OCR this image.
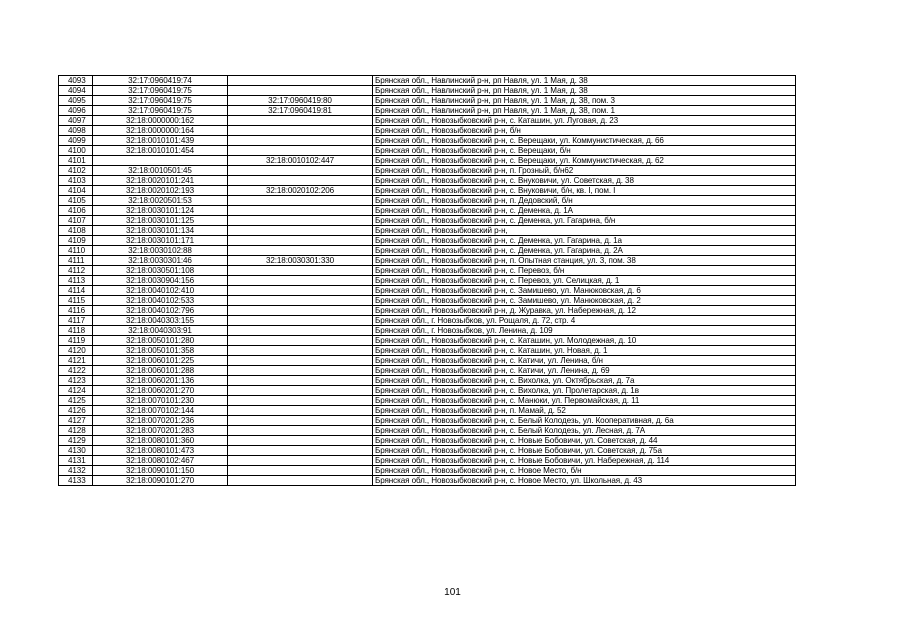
4093	32:17:0960419:74		Брянская обл., Навлинский р-н, рп Навля, ул. 1 Мая, д. 38
4094	32:17:0960419:75		Брянская обл., Навлинский р-н, рп Навля, ул. 1 Мая, д. 38
4095	32:17:0960419:75	32:17:0960419:80	Брянская обл., Навлинский р-н, рп Навля, ул. 1 Мая, д. 38, пом. 3
4096	32:17:0960419:75	32:17:0960419:81	Брянская обл., Навлинский р-н, рп Навля, ул. 1 Мая, д. 38, пом. 1
4097	32:18:0000000:162		Брянская обл., Новозыбковский р-н, с. Каташин, ул. Луговая, д. 23
4098	32:18:0000000:164		Брянская обл., Новозыбковский р-н, б/н
4099	32:18:0010101:439		Брянская обл., Новозыбковский р-н, с. Верещаки, ул. Коммунистическая, д. 66
4100	32:18:0010101:454		Брянская обл., Новозыбковский р-н, с. Верещаки, б/н
4101		32:18:0010102:447	Брянская обл., Новозыбковский р-н, с. Верещаки, ул. Коммунистическая, д. 62
4102	32:18:0010501:45		Брянская обл., Новозыбковский р-н, п. Грозный, б/н62
4103	32:18:0020101:241		Брянская обл., Новозыбковский р-н, с. Внуковичи, ул. Советская, д. 38
4104	32:18:0020102:193	32:18:0020102:206	Брянская обл., Новозыбковский р-н, с. Внуковичи, б/н, кв. I, пом. I
4105	32:18:0020501:53		Брянская обл., Новозыбковский р-н, п. Дедовский, б/н
4106	32:18:0030101:124		Брянская обл., Новозыбковский р-н, с. Деменка, д. 1А
4107	32:18:0030101:125		Брянская обл., Новозыбковский р-н, с. Деменка, ул. Гагарина, б/н
4108	32:18:0030101:134		Брянская обл., Новозыбковский р-н,
4109	32:18:0030101:171		Брянская обл., Новозыбковский р-н, с. Деменка, ул. Гагарина, д. 1а
4110	32:18:0030102:88		Брянская обл., Новозыбковский р-н, с. Деменка, ул. Гагарина, д. 2А
4111	32:18:0030301:46	32:18:0030301:330	Брянская обл., Новозыбковский р-н, п. Опытная станция, ул. 3, пом. 38
4112	32:18:0030501:108		Брянская обл., Новозыбковский р-н, с. Перевоз, б/н
4113	32:18:0030904:156		Брянская обл., Новозыбковский р-н, с. Перевоз, ул. Селицкая, д. 1
4114	32:18:0040102:410		Брянская обл., Новозыбковский р-н, с. Замишево, ул. Манюковская, д. 6
4115	32:18:0040102:533		Брянская обл., Новозыбковский р-н, с. Замишево, ул. Манюковская, д. 2
4116	32:18:0040102:796		Брянская обл., Новозыбковский р-н, д. Журавка, ул. Набережная, д. 12
4117	32:18:0040303:155		Брянская обл., г. Новозыбков, ул. Рощаля, д. 72, стр. 4
4118	32:18:0040303:91		Брянская обл., г. Новозыбков, ул. Ленина, д. 109
4119	32:18:0050101:280		Брянская обл., Новозыбковский р-н, с. Каташин, ул. Молодежная, д. 10
4120	32:18:0050101:358		Брянская обл., Новозыбковский р-н, с. Каташин, ул. Новая, д. 1
4121	32:18:0060101:225		Брянская обл., Новозыбковский р-н, с. Катичи, ул. Ленина, б/н
4122	32:18:0060101:288		Брянская обл., Новозыбковский р-н, с. Катичи, ул. Ленина, д. 69
4123	32:18:0060201:136		Брянская обл., Новозыбковский р-н, с. Вихолка, ул. Октябрьская, д. 7а
4124	32:18:0060201:270		Брянская обл., Новозыбковский р-н, с. Вихолка, ул. Пролетарская, д. 1в
4125	32:18:0070101:230		Брянская обл., Новозыбковский р-н, с. Манюки, ул. Первомайская, д. 11
4126	32:18:0070102:144		Брянская обл., Новозыбковский р-н, п. Мамай, д. 52
4127	32:18:0070201:236		Брянская обл., Новозыбковский р-н, с. Белый Колодезь, ул. Кооперативная, д. 6а
4128	32:18:0070201:283		Брянская обл., Новозыбковский р-н, с. Белый Колодезь, ул. Лесная, д. 7А
4129	32:18:0080101:360		Брянская обл., Новозыбковский р-н, с. Новые Бобовичи, ул. Советская, д. 44
4130	32:18:0080101:473		Брянская обл., Новозыбковский р-н, с. Новые Бобовичи, ул. Советская, д. 75а
4131	32:18:0080102:467		Брянская обл., Новозыбковский р-н, с. Новые Бобовичи, ул. Набережная, д. 114
4132	32:18:0090101:150		Брянская обл., Новозыбковский р-н, с. Новое Место, б/н
4133	32:18:0090101:270		Брянская обл., Новозыбковский р-н, с. Новое Место, ул. Школьная, д. 43
101
